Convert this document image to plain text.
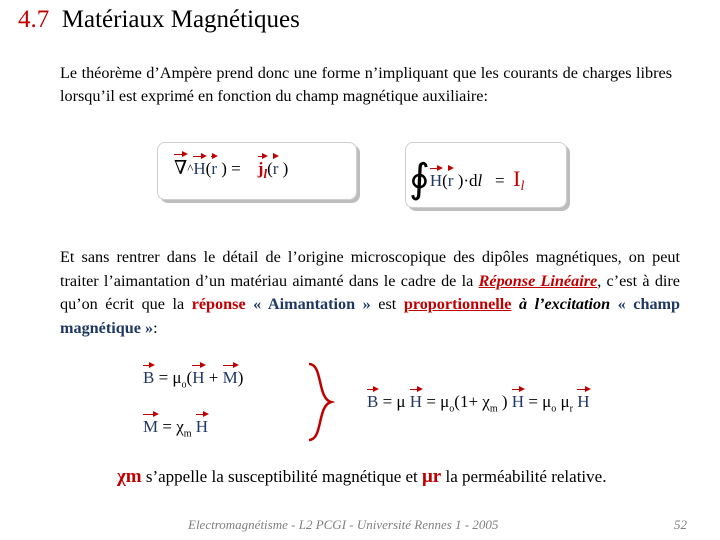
4.7 Matériaux Magnétiques
Le théorème d’Ampère prend donc une forme n’impliquant que les courants de charges libres lorsqu’il est exprimé en fonction du champ magnétique auxiliaire:
∇^H(r ) =    $j_l(r$ )	∮H(r )·dl   =  Il
Et sans rentrer dans le détail de l’origine microscopique des dipôles magnétiques, on peut traiter l’aimantation d’un matériau aimanté dans le cadre de la Réponse Linéaire, c’est à dire qu’on écrit que la réponse « Aimantation » est proportionnelle à l’excitation « champ magnétique »:
$B = \mu_o(H + M)$
$M = \chi_m$ H
B = μ $H = \mu_o(1+ \chi_m$ ) $H = \mu_o$ $\mu_r$ H
χm s’appelle la susceptibilité magnétique et μr la perméabilité relative.
Electromagnétisme - L2 PCGI - Université Rennes 1 - 2005	52
